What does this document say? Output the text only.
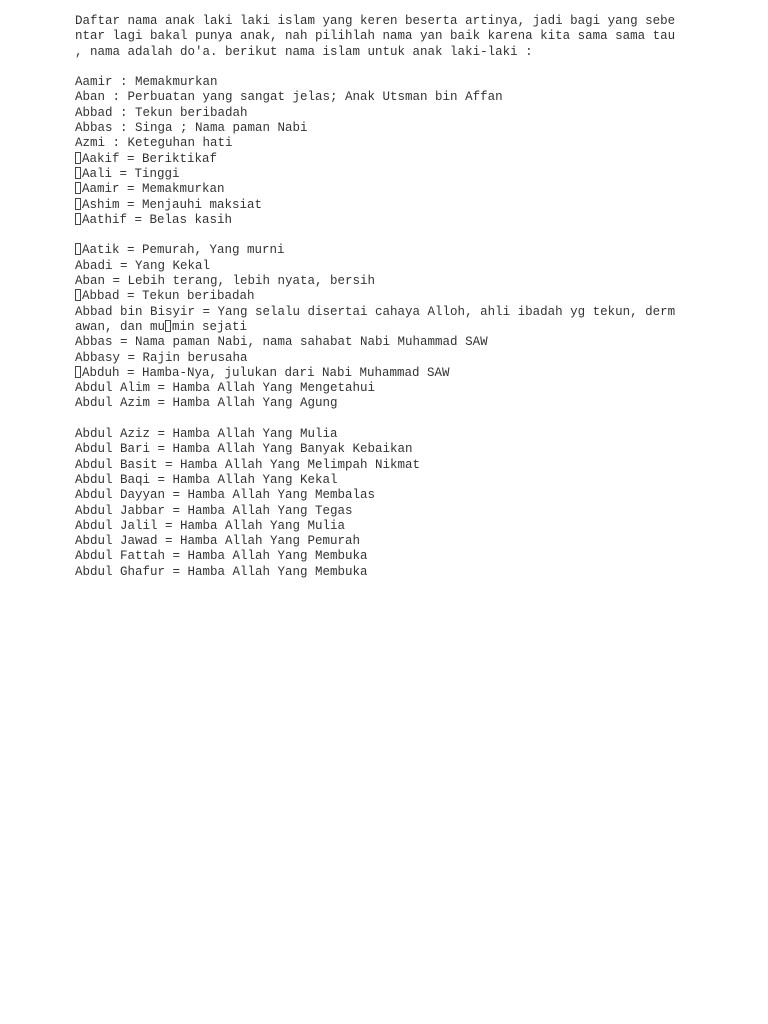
Daftar nama anak laki laki islam yang keren beserta artinya, jadi bagi yang sebe
ntar lagi bakal punya anak, nah pilihlah nama yan baik karena kita sama sama tau
, nama adalah do'a. berikut nama islam untuk anak laki-laki :
Aamir : Memakmurkan
Aban : Perbuatan yang sangat jelas; Anak Utsman bin Affan
Abbad : Tekun beribadah
Abbas : Singa ; Nama paman Nabi
Azmi : Keteguhan hati
Aakif = Beriktikaf
Aali = Tinggi
Aamir = Memakmurkan
Ashim = Menjauhi maksiat
Aathif = Belas kasih
Aatik = Pemurah, Yang murni
Abadi = Yang Kekal
Aban = Lebih terang, lebih nyata, bersih
Abbad = Tekun beribadah
Abbad bin Bisyir = Yang selalu disertai cahaya Alloh, ahli ibadah yg tekun, derm
awan, dan mu min sejati
Abbas = Nama paman Nabi, nama sahabat Nabi Muhammad SAW
Abbasy = Rajin berusaha
Abduh = Hamba-Nya, julukan dari Nabi Muhammad SAW
Abdul Alim = Hamba Allah Yang Mengetahui
Abdul Azim = Hamba Allah Yang Agung
Abdul Aziz = Hamba Allah Yang Mulia
Abdul Bari = Hamba Allah Yang Banyak Kebaikan
Abdul Basit = Hamba Allah Yang Melimpah Nikmat
Abdul Baqi = Hamba Allah Yang Kekal
Abdul Dayyan = Hamba Allah Yang Membalas
Abdul Jabbar = Hamba Allah Yang Tegas
Abdul Jalil = Hamba Allah Yang Mulia
Abdul Jawad = Hamba Allah Yang Pemurah
Abdul Fattah = Hamba Allah Yang Membuka
Abdul Ghafur = Hamba Allah Yang Membuka
